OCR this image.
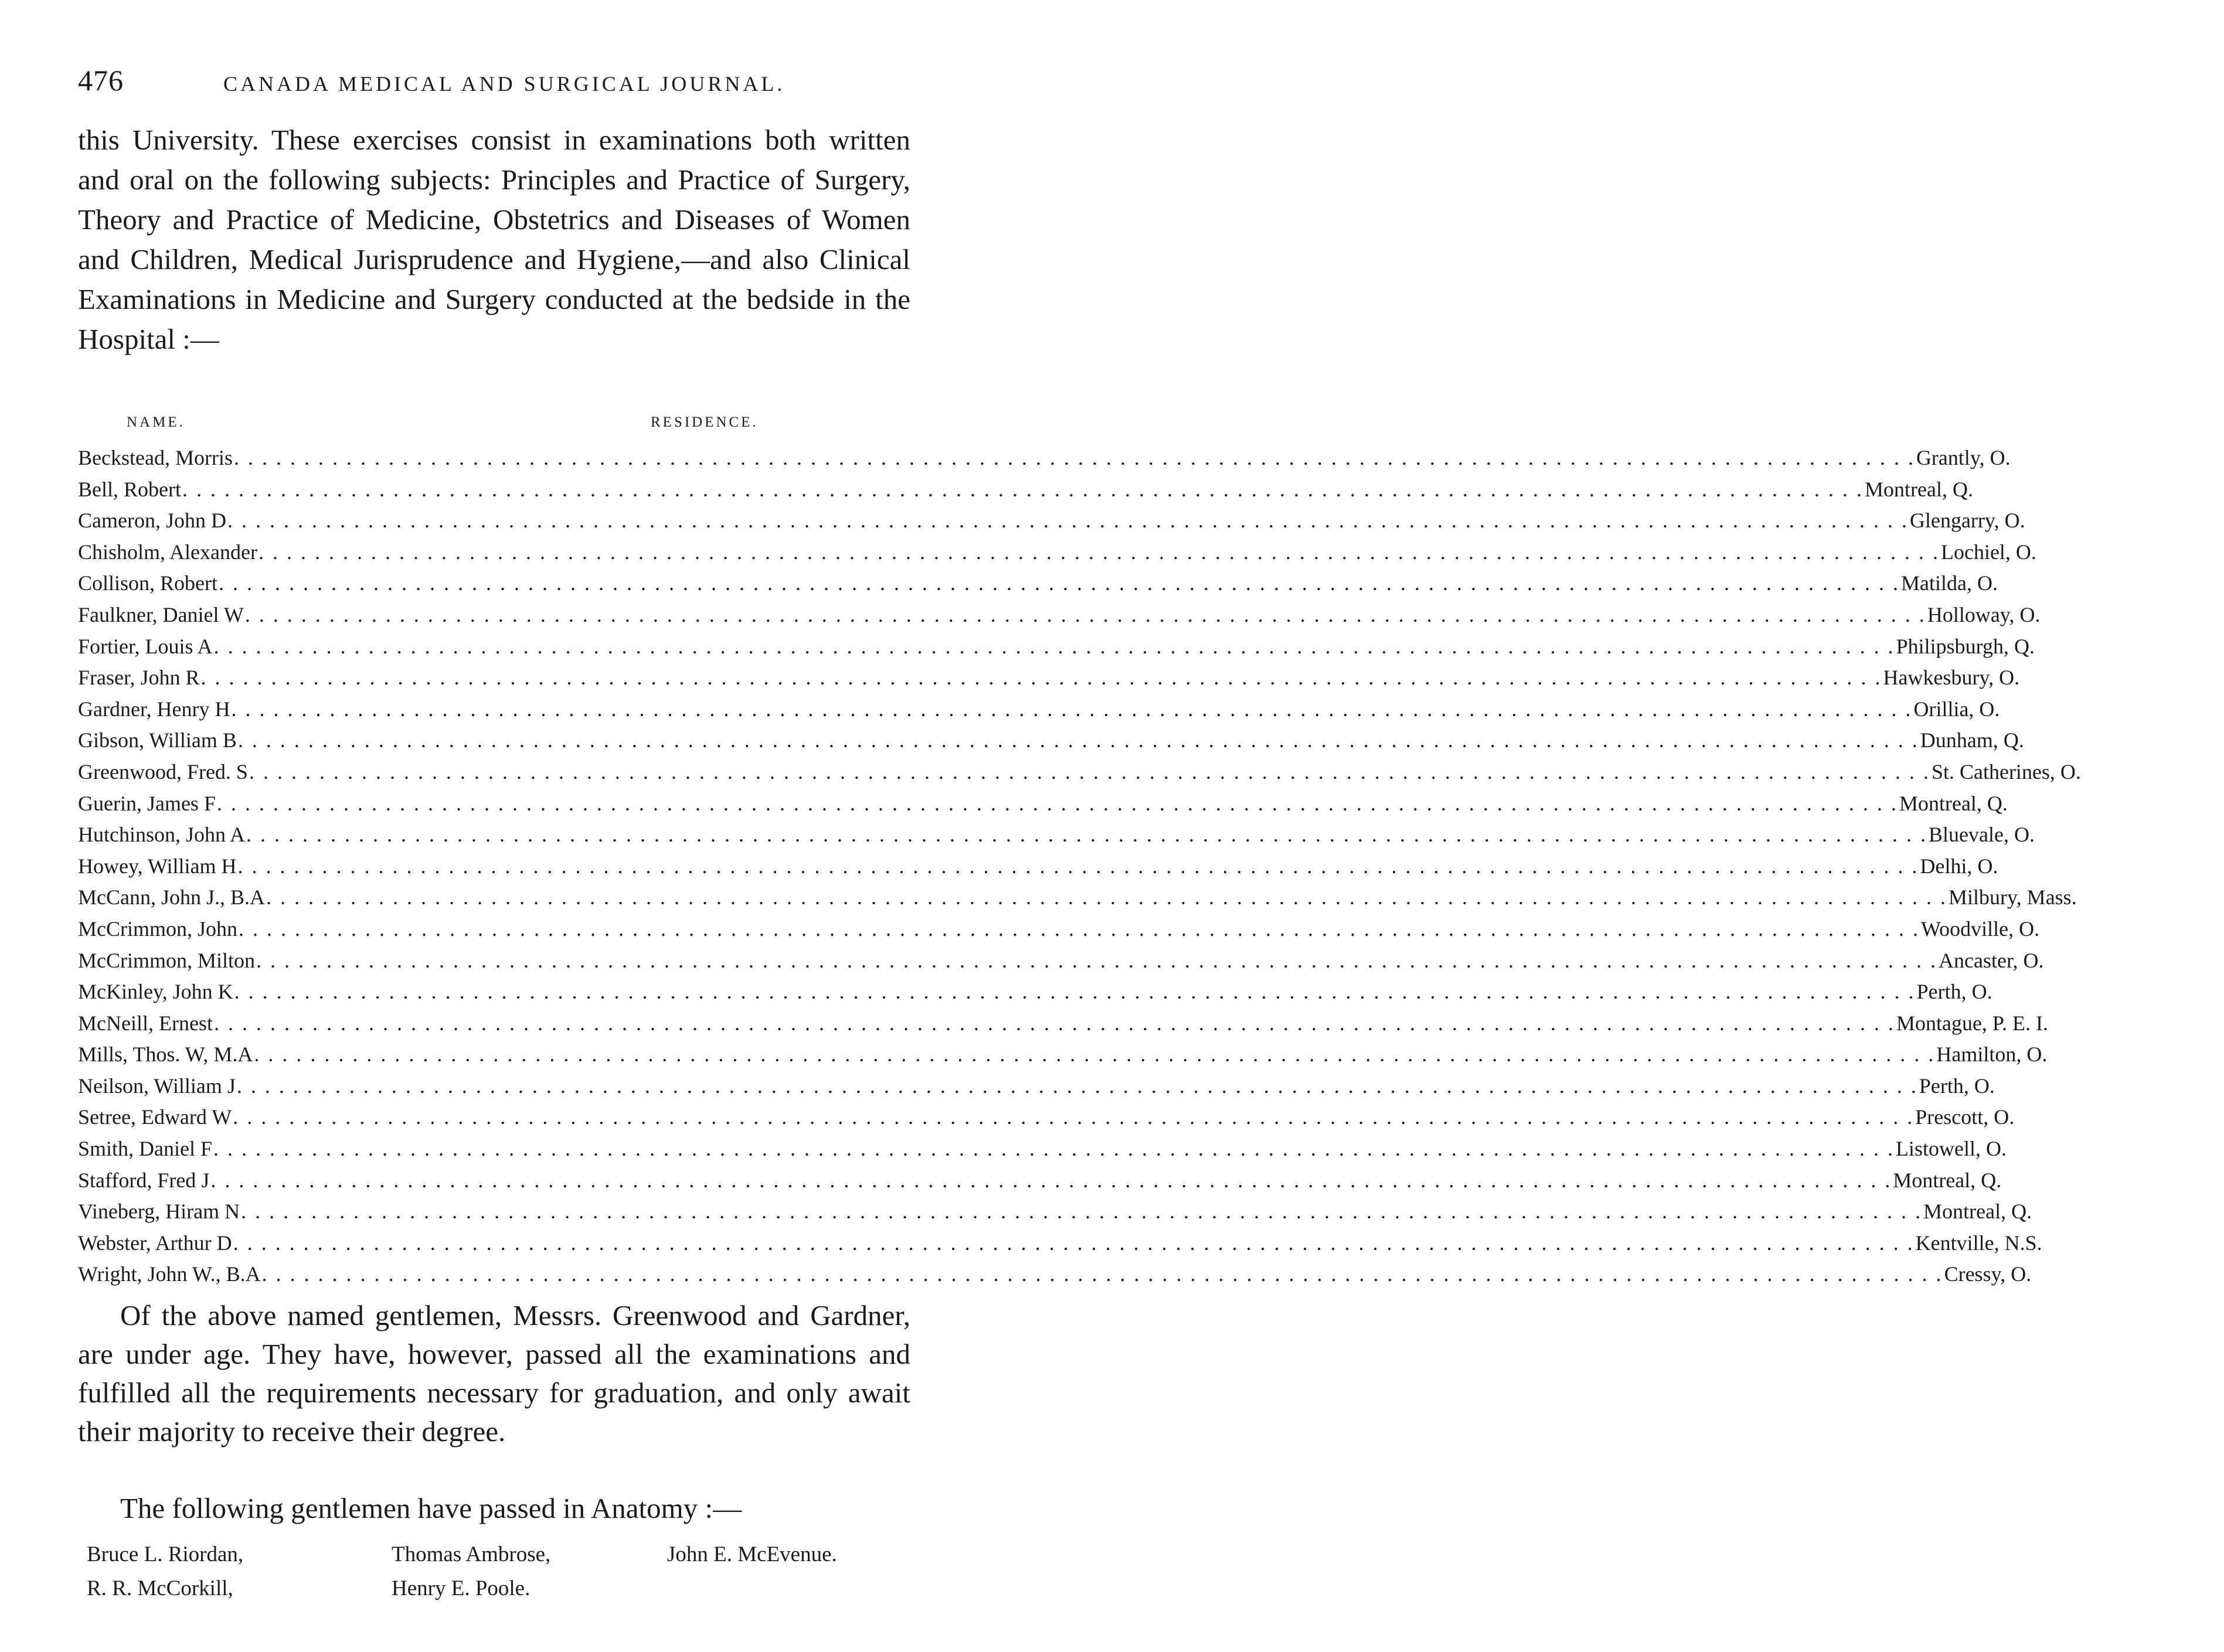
476	CANADA MEDICAL AND SURGICAL JOURNAL.

this University. These exercises consist in examinations both written and oral on the following subjects: Principles and Practice of Surgery, Theory and Practice of Medicine, Obstetrics and Diseases of Women and Children, Medical Jurisprudence and Hygiene,—and also Clinical Examinations in Medicine and Surgery conducted at the bedside in the Hospital :—

NAME.	RESIDENCE.
Beckstead, Morris . . . . . . . . . . . . . . . . . . . . . . . . . . . . . . . . . . . . . . . . . . . . . . . . . . . . . . . . . . . . . . . . . . . . . . . . . . . . . . . . . . . . . . . . . . . . . . . . . . . . . . . . . . . . . . . . . . . . . . . . Grantly, O.
Bell, Robert . . . . . . . . . . . . . . . . . . . . . . . . . . . . . . . . . . . . . . . . . . . . . . . . . . . . . . . . . . . . . . . . . . . . . . . . . . . . . . . . . . . . . . . . . . . . . . . . . . . . . . . . . . . . . . . . . . . . . . . . Montreal, Q.
Cameron, John D . . . . . . . . . . . . . . . . . . . . . . . . . . . . . . . . . . . . . . . . . . . . . . . . . . . . . . . . . . . . . . . . . . . . . . . . . . . . . . . . . . . . . . . . . . . . . . . . . . . . . . . . . . . . . . . . . . . . . . . . Glengarry, O.
Chisholm, Alexander . . . . . . . . . . . . . . . . . . . . . . . . . . . . . . . . . . . . . . . . . . . . . . . . . . . . . . . . . . . . . . . . . . . . . . . . . . . . . . . . . . . . . . . . . . . . . . . . . . . . . . . . . . . . . . . . . . . . . . . . Lochiel, O.
Collison, Robert . . . . . . . . . . . . . . . . . . . . . . . . . . . . . . . . . . . . . . . . . . . . . . . . . . . . . . . . . . . . . . . . . . . . . . . . . . . . . . . . . . . . . . . . . . . . . . . . . . . . . . . . . . . . . . . . . . . . . . . . Matilda, O.
Faulkner, Daniel W . . . . . . . . . . . . . . . . . . . . . . . . . . . . . . . . . . . . . . . . . . . . . . . . . . . . . . . . . . . . . . . . . . . . . . . . . . . . . . . . . . . . . . . . . . . . . . . . . . . . . . . . . . . . . . . . . . . . . . . . Holloway, O.
Fortier, Louis A . . . . . . . . . . . . . . . . . . . . . . . . . . . . . . . . . . . . . . . . . . . . . . . . . . . . . . . . . . . . . . . . . . . . . . . . . . . . . . . . . . . . . . . . . . . . . . . . . . . . . . . . . . . . . . . . . . . . . . . . Philipsburgh, Q.
Fraser, John R . . . . . . . . . . . . . . . . . . . . . . . . . . . . . . . . . . . . . . . . . . . . . . . . . . . . . . . . . . . . . . . . . . . . . . . . . . . . . . . . . . . . . . . . . . . . . . . . . . . . . . . . . . . . . . . . . . . . . . . . Hawkesbury, O.
Gardner, Henry H . . . . . . . . . . . . . . . . . . . . . . . . . . . . . . . . . . . . . . . . . . . . . . . . . . . . . . . . . . . . . . . . . . . . . . . . . . . . . . . . . . . . . . . . . . . . . . . . . . . . . . . . . . . . . . . . . . . . . . . . Orillia, O.
Gibson, William B . . . . . . . . . . . . . . . . . . . . . . . . . . . . . . . . . . . . . . . . . . . . . . . . . . . . . . . . . . . . . . . . . . . . . . . . . . . . . . . . . . . . . . . . . . . . . . . . . . . . . . . . . . . . . . . . . . . . . . . . Dunham, Q.
Greenwood, Fred. S . . . . . . . . . . . . . . . . . . . . . . . . . . . . . . . . . . . . . . . . . . . . . . . . . . . . . . . . . . . . . . . . . . . . . . . . . . . . . . . . . . . . . . . . . . . . . . . . . . . . . . . . . . . . . . . . . . . . . . . . St. Catherines, O.
Guerin, James F . . . . . . . . . . . . . . . . . . . . . . . . . . . . . . . . . . . . . . . . . . . . . . . . . . . . . . . . . . . . . . . . . . . . . . . . . . . . . . . . . . . . . . . . . . . . . . . . . . . . . . . . . . . . . . . . . . . . . . . . Montreal, Q.
Hutchinson, John A . . . . . . . . . . . . . . . . . . . . . . . . . . . . . . . . . . . . . . . . . . . . . . . . . . . . . . . . . . . . . . . . . . . . . . . . . . . . . . . . . . . . . . . . . . . . . . . . . . . . . . . . . . . . . . . . . . . . . . . . Bluevale, O.
Howey, William H . . . . . . . . . . . . . . . . . . . . . . . . . . . . . . . . . . . . . . . . . . . . . . . . . . . . . . . . . . . . . . . . . . . . . . . . . . . . . . . . . . . . . . . . . . . . . . . . . . . . . . . . . . . . . . . . . . . . . . . . Delhi, O.
McCann, John J., B.A . . . . . . . . . . . . . . . . . . . . . . . . . . . . . . . . . . . . . . . . . . . . . . . . . . . . . . . . . . . . . . . . . . . . . . . . . . . . . . . . . . . . . . . . . . . . . . . . . . . . . . . . . . . . . . . . . . . . . . . . Milbury, Mass.
McCrimmon, John . . . . . . . . . . . . . . . . . . . . . . . . . . . . . . . . . . . . . . . . . . . . . . . . . . . . . . . . . . . . . . . . . . . . . . . . . . . . . . . . . . . . . . . . . . . . . . . . . . . . . . . . . . . . . . . . . . . . . . . . Woodville, O.
McCrimmon, Milton . . . . . . . . . . . . . . . . . . . . . . . . . . . . . . . . . . . . . . . . . . . . . . . . . . . . . . . . . . . . . . . . . . . . . . . . . . . . . . . . . . . . . . . . . . . . . . . . . . . . . . . . . . . . . . . . . . . . . . . . Ancaster, O.
McKinley, John K . . . . . . . . . . . . . . . . . . . . . . . . . . . . . . . . . . . . . . . . . . . . . . . . . . . . . . . . . . . . . . . . . . . . . . . . . . . . . . . . . . . . . . . . . . . . . . . . . . . . . . . . . . . . . . . . . . . . . . . . Perth, O.
McNeill, Ernest . . . . . . . . . . . . . . . . . . . . . . . . . . . . . . . . . . . . . . . . . . . . . . . . . . . . . . . . . . . . . . . . . . . . . . . . . . . . . . . . . . . . . . . . . . . . . . . . . . . . . . . . . . . . . . . . . . . . . . . . Montague, P. E. I.
Mills, Thos. W, M.A . . . . . . . . . . . . . . . . . . . . . . . . . . . . . . . . . . . . . . . . . . . . . . . . . . . . . . . . . . . . . . . . . . . . . . . . . . . . . . . . . . . . . . . . . . . . . . . . . . . . . . . . . . . . . . . . . . . . . . . . Hamilton, O.
Neilson, William J . . . . . . . . . . . . . . . . . . . . . . . . . . . . . . . . . . . . . . . . . . . . . . . . . . . . . . . . . . . . . . . . . . . . . . . . . . . . . . . . . . . . . . . . . . . . . . . . . . . . . . . . . . . . . . . . . . . . . . . . Perth, O.
Setree, Edward W . . . . . . . . . . . . . . . . . . . . . . . . . . . . . . . . . . . . . . . . . . . . . . . . . . . . . . . . . . . . . . . . . . . . . . . . . . . . . . . . . . . . . . . . . . . . . . . . . . . . . . . . . . . . . . . . . . . . . . . . Prescott, O.
Smith, Daniel F . . . . . . . . . . . . . . . . . . . . . . . . . . . . . . . . . . . . . . . . . . . . . . . . . . . . . . . . . . . . . . . . . . . . . . . . . . . . . . . . . . . . . . . . . . . . . . . . . . . . . . . . . . . . . . . . . . . . . . . . Listowell, O.
Stafford, Fred J . . . . . . . . . . . . . . . . . . . . . . . . . . . . . . . . . . . . . . . . . . . . . . . . . . . . . . . . . . . . . . . . . . . . . . . . . . . . . . . . . . . . . . . . . . . . . . . . . . . . . . . . . . . . . . . . . . . . . . . . Montreal, Q.
Vineberg, Hiram N . . . . . . . . . . . . . . . . . . . . . . . . . . . . . . . . . . . . . . . . . . . . . . . . . . . . . . . . . . . . . . . . . . . . . . . . . . . . . . . . . . . . . . . . . . . . . . . . . . . . . . . . . . . . . . . . . . . . . . . . Montreal, Q.
Webster, Arthur D . . . . . . . . . . . . . . . . . . . . . . . . . . . . . . . . . . . . . . . . . . . . . . . . . . . . . . . . . . . . . . . . . . . . . . . . . . . . . . . . . . . . . . . . . . . . . . . . . . . . . . . . . . . . . . . . . . . . . . . . Kentville, N.S.
Wright, John W., B.A . . . . . . . . . . . . . . . . . . . . . . . . . . . . . . . . . . . . . . . . . . . . . . . . . . . . . . . . . . . . . . . . . . . . . . . . . . . . . . . . . . . . . . . . . . . . . . . . . . . . . . . . . . . . . . . . . . . . . . . . Cressy, O.

Of the above named gentlemen, Messrs. Greenwood and Gardner, are under age. They have, however, passed all the examinations and fulfilled all the requirements necessary for graduation, and only await their majority to receive their degree.

The following gentlemen have passed in Anatomy :—

Bruce L. Riordan,	Thomas Ambrose,	John E. McEvenue.
R. R. McCorkill,	Henry E. Poole.
